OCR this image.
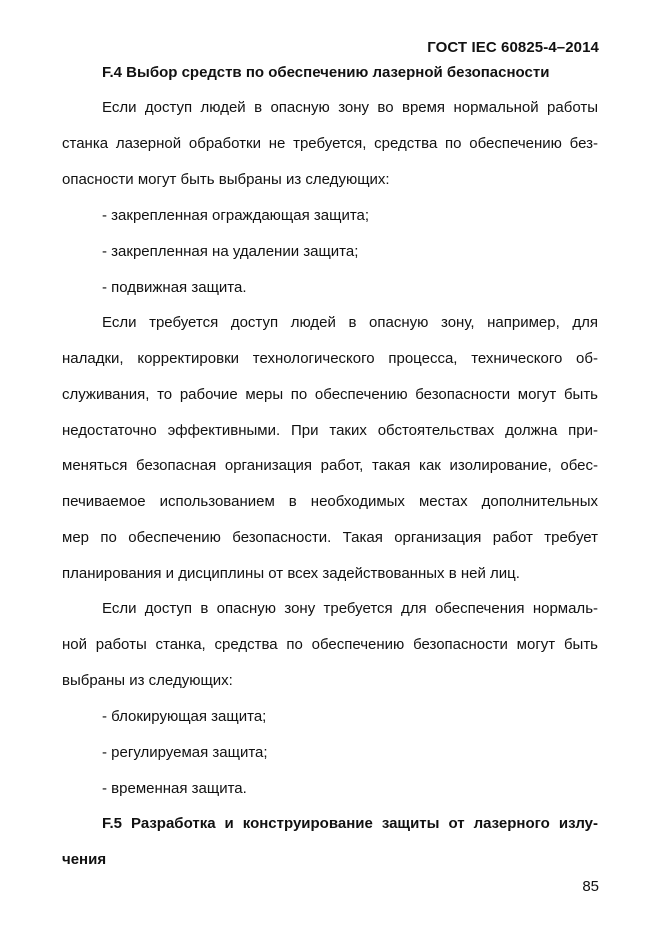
ГОСТ IEC 60825-4–2014
F.4 Выбор средств по обеспечению лазерной безопасности
Если доступ людей в опасную зону во время нормальной работы
станка лазерной обработки не требуется, средства по обеспечению без-
опасности могут быть выбраны из следующих:
- закрепленная ограждающая защита;
- закрепленная на удалении защита;
- подвижная защита.
Если требуется доступ людей в опасную зону, например, для
наладки, корректировки технологического процесса, технического об-
служивания, то рабочие меры по обеспечению безопасности могут быть
недостаточно эффективными. При таких обстоятельствах должна при-
меняться безопасная организация работ, такая как изолирование, обес-
печиваемое использованием в необходимых местах дополнительных
мер по обеспечению безопасности. Такая организация работ требует
планирования и дисциплины от всех задействованных в ней лиц.
Если доступ в опасную зону требуется для обеспечения нормаль-
ной работы станка, средства по обеспечению безопасности могут быть
выбраны из следующих:
- блокирующая защита;
- регулируемая защита;
- временная защита.
F.5 Разработка и конструирование защиты от лазерного излу-
чения
85
